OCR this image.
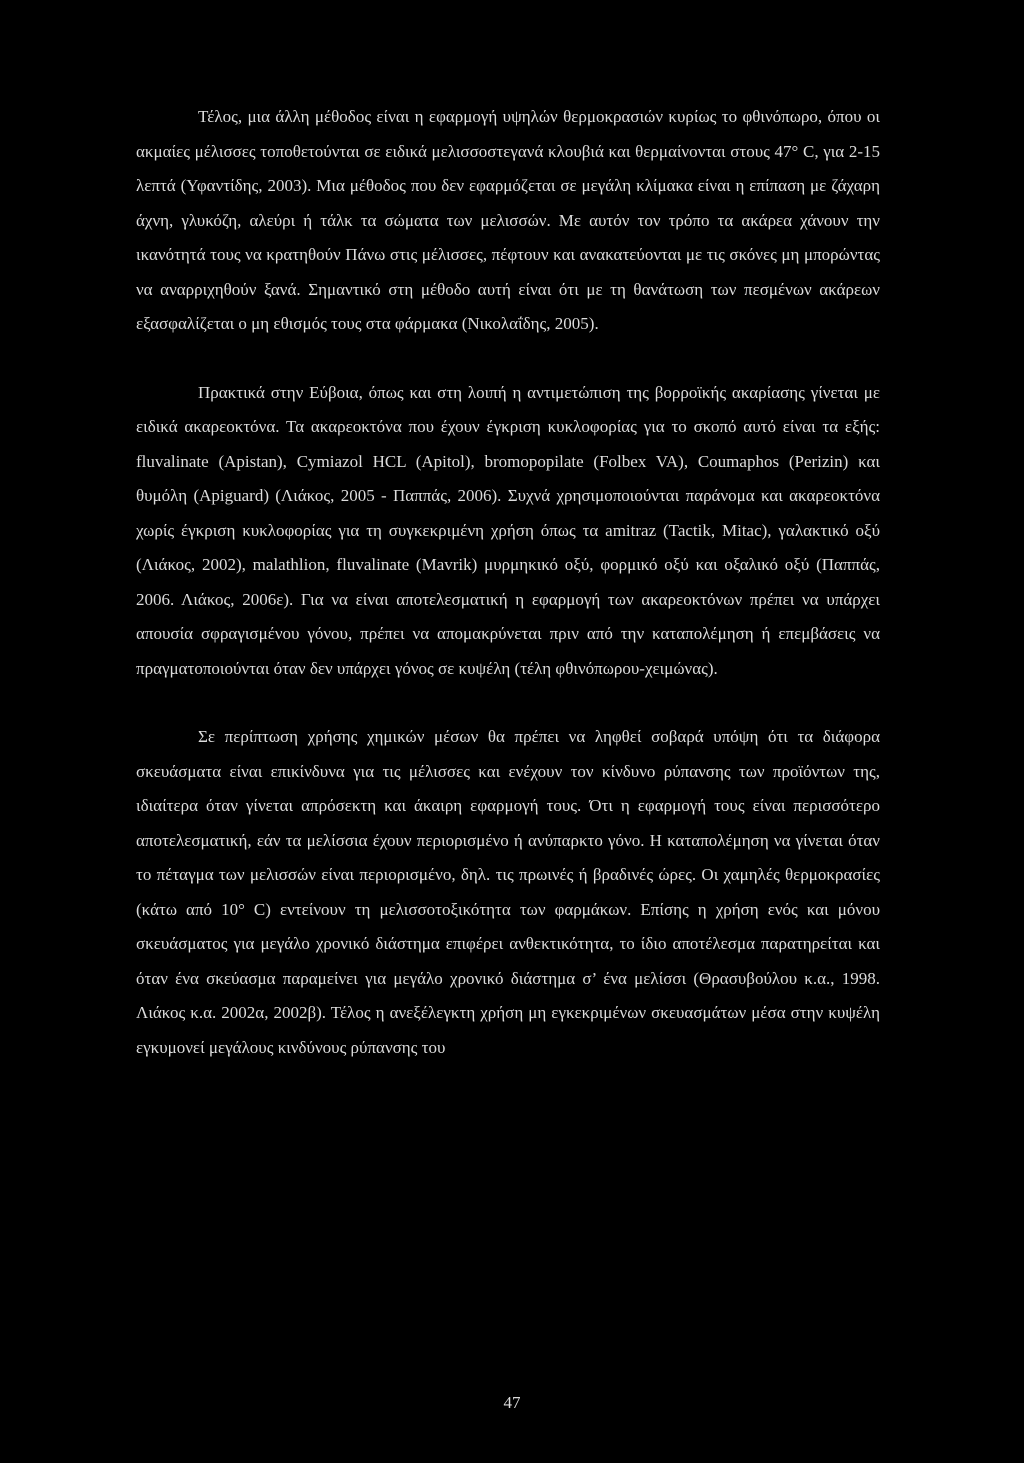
Τέλος, μια άλλη μέθοδος είναι η εφαρμογή υψηλών θερμοκρασιών κυρίως το φθινόπωρο, όπου οι ακμαίες μέλισσες τοποθετούνται σε ειδικά μελισσοστεγανά κλουβιά και θερμαίνονται στους 47° C, για 2-15 λεπτά (Υφαντίδης, 2003). Μια μέθοδος που δεν εφαρμόζεται σε μεγάλη κλίμακα είναι η επίπαση με ζάχαρη άχνη, γλυκόζη, αλεύρι ή τάλκ τα σώματα των μελισσών. Με αυτόν τον τρόπο τα ακάρεα χάνουν την ικανότητά τους να κρατηθούν Πάνω στις μέλισσες, πέφτουν και ανακατεύονται με τις σκόνες μη μπορώντας να αναρριχηθούν ξανά. Σημαντικό στη μέθοδο αυτή είναι ότι με τη θανάτωση των πεσμένων ακάρεων εξασφαλίζεται ο μη εθισμός τους στα φάρμακα (Νικολαΐδης, 2005).

Πρακτικά στην Εύβοια, όπως και στη λοιπή η αντιμετώπιση της βορροϊκής ακαρίασης γίνεται με ειδικά ακαρεοκτόνα. Τα ακαρεοκτόνα που έχουν έγκριση κυκλοφορίας για το σκοπό αυτό είναι τα εξής: fluvalinate (Apistan), Cymiazol HCL (Apitol), bromopopilate (Folbex VA), Coumaphos (Perizin) και θυμόλη (Apiguard) (Λιάκος, 2005 - Παππάς, 2006). Συχνά χρησιμοποιούνται παράνομα και ακαρεοκτόνα χωρίς έγκριση κυκλοφορίας για τη συγκεκριμένη χρήση όπως τα amitraz (Tactik, Mitac), γαλακτικό οξύ (Λιάκος, 2002), malathlion, fluvalinate (Mavrik) μυρμηκικό οξύ, φορμικό οξύ και οξαλικό οξύ (Παππάς, 2006. Λιάκος, 2006ε). Για να είναι αποτελεσματική η εφαρμογή των ακαρεοκτόνων πρέπει να υπάρχει απουσία σφραγισμένου γόνου, πρέπει να απομακρύνεται πριν από την καταπολέμηση ή επεμβάσεις να πραγματοποιούνται όταν δεν υπάρχει γόνος σε κυψέλη (τέλη φθινόπωρου-χειμώνας).

Σε περίπτωση χρήσης χημικών μέσων θα πρέπει να ληφθεί σοβαρά υπόψη ότι τα διάφορα σκευάσματα είναι επικίνδυνα για τις μέλισσες και ενέχουν τον κίνδυνο ρύπανσης των προϊόντων της, ιδιαίτερα όταν γίνεται απρόσεκτη και άκαιρη εφαρμογή τους. Ότι η εφαρμογή τους είναι περισσότερο αποτελεσματική, εάν τα μελίσσια έχουν περιορισμένο ή ανύπαρκτο γόνο. Η καταπολέμηση να γίνεται όταν το πέταγμα των μελισσών είναι περιορισμένο, δηλ. τις πρωινές ή βραδινές ώρες. Οι χαμηλές θερμοκρασίες (κάτω από 10° C) εντείνουν τη μελισσοτοξικότητα των φαρμάκων. Επίσης η χρήση ενός και μόνου σκευάσματος για μεγάλο χρονικό διάστημα επιφέρει ανθεκτικότητα, το ίδιο αποτέλεσμα παρατηρείται και όταν ένα σκεύασμα παραμείνει για μεγάλο χρονικό διάστημα σ’ ένα μελίσσι (Θρασυβούλου κ.α., 1998. Λιάκος κ.α. 2002α, 2002β). Τέλος η ανεξέλεγκτη χρήση μη εγκεκριμένων σκευασμάτων μέσα στην κυψέλη εγκυμονεί μεγάλους κινδύνους ρύπανσης του

47
